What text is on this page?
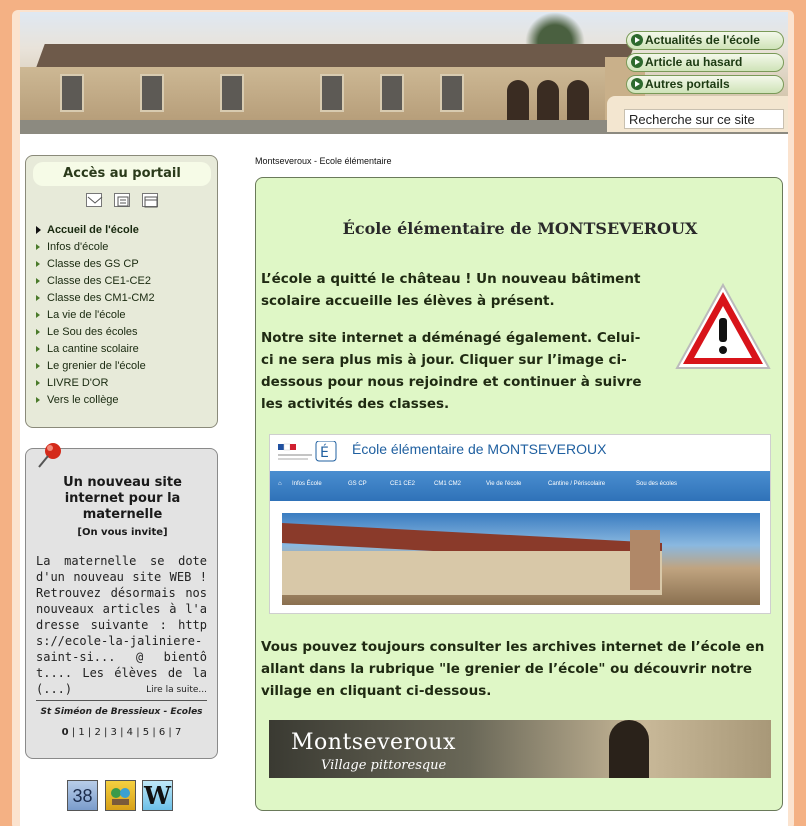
Actualités de l'école
Article au hasard
Autres portails
Recherche sur ce site
Accès au portail
Accueil de l'école
Infos d'école
Classe des GS CP
Classe des CE1-CE2
Classe des CM1-CM2
La vie de l'école
Le Sou des écoles
La cantine scolaire
Le grenier de l'école
LIVRE D'OR
Vers le collège
Un nouveau site internet pour la maternelle
[On vous invite]
La maternelle se dote d'un nouveau site WEB ! Retrouvez désormais nos nouveaux articles à l'adresse suivante : https://ecole-la-jaliniere-saint-si... @ bientôt.... Les élèves de la (...)	Lire la suite...
St Siméon de Bressieux - Ecoles
0 | 1 | 2 | 3 | 4 | 5 | 6 | 7
38 W
Montseveroux - Ecole élémentaire
École élémentaire de MONTSEVEROUX
L’école a quitté le château ! Un nouveau bâtiment scolaire accueille les élèves à présent.
Notre site internet a déménagé également. Celui-ci ne sera plus mis à jour. Cliquer sur l’image ci-dessous pour nous rejoindre et continuer à suivre les activités des classes.
É École élémentaire de MONTSEVEROUX
⌂ Infos École	GS CP	CE1 CE2	CM1 CM2	Vie de l'école	Cantine / Périscolaire	Sou des écoles
Vous pouvez toujours consulter les archives internet de l’école en allant dans la rubrique "le grenier de l’école" ou découvrir notre village en cliquant ci-dessous.
Montseveroux
Village pittoresque
